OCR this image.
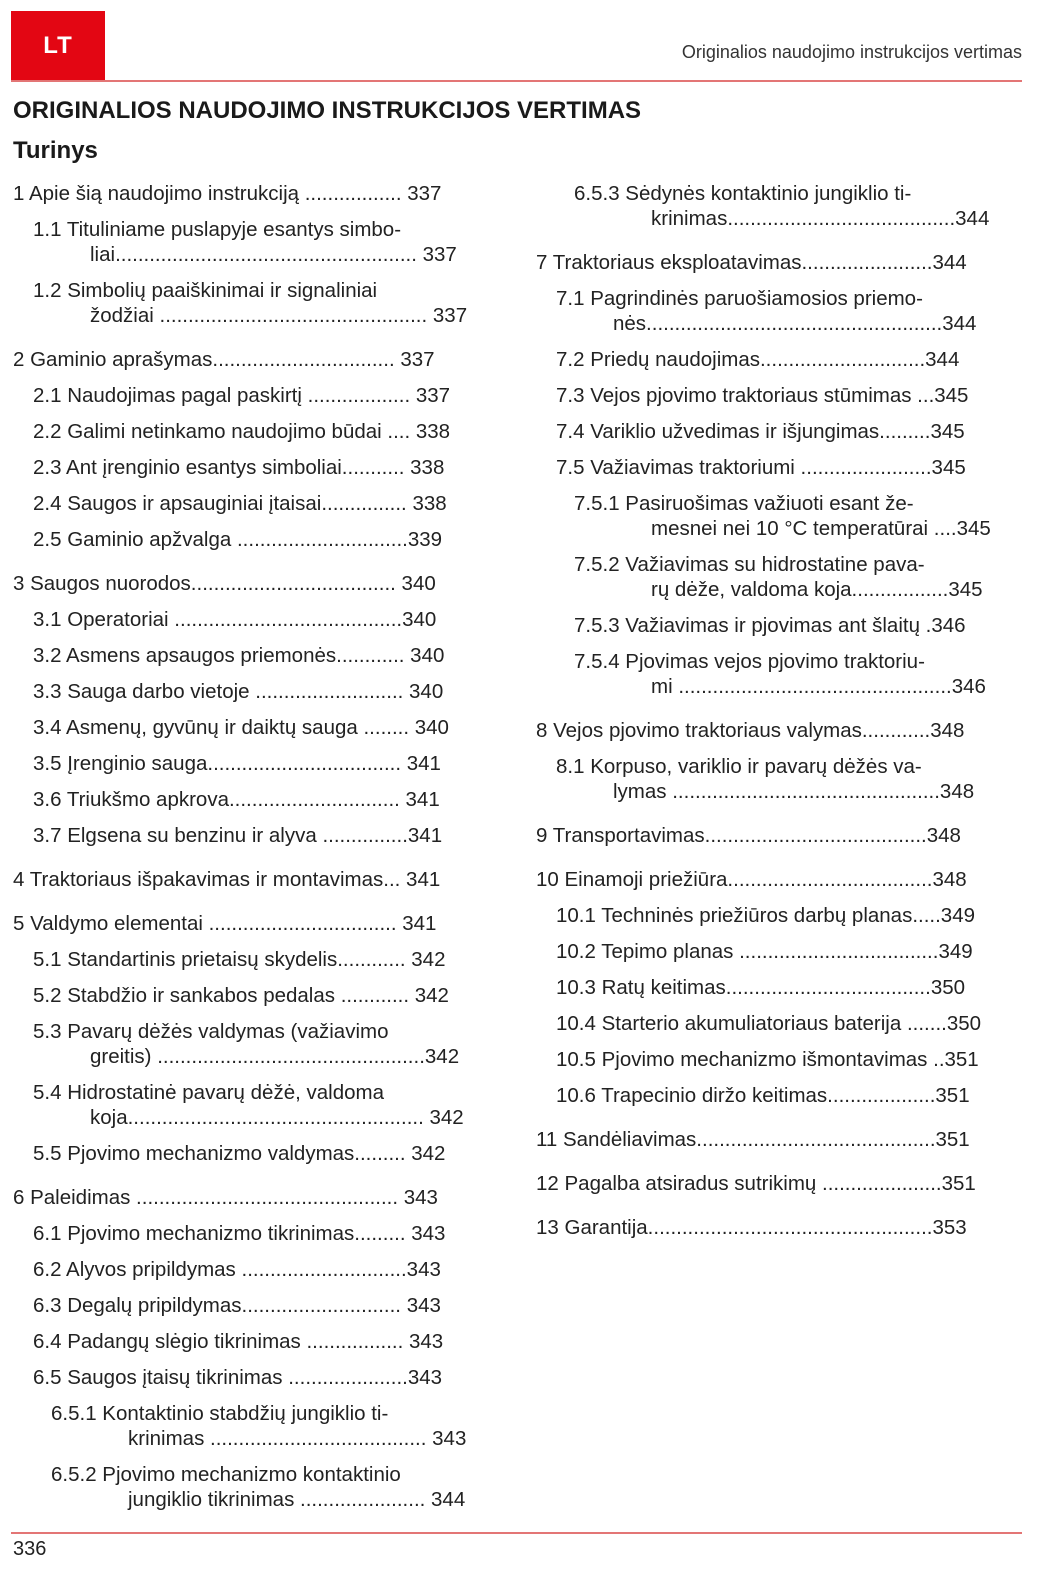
LT	Originalios naudojimo instrukcijos vertimas
ORIGINALIOS NAUDOJIMO INSTRUKCIJOS VERTIMAS
Turinys
1 Apie šią naudojimo instrukciją ................. 337
1.1 Tituliniame puslapyje esantys simbo-
liai..................................................... 337
1.2 Simbolių paaiškinimai ir signaliniai
žodžiai ............................................... 337
2 Gaminio aprašymas................................ 337
2.1 Naudojimas pagal paskirtį .................. 337
2.2 Galimi netinkamo naudojimo būdai .... 338
2.3 Ant įrenginio esantys simboliai........... 338
2.4 Saugos ir apsauginiai įtaisai............... 338
2.5 Gaminio apžvalga ..............................339
3 Saugos nuorodos.................................... 340
3.1 Operatoriai ........................................340
3.2 Asmens apsaugos priemonės............ 340
3.3 Sauga darbo vietoje .......................... 340
3.4 Asmenų, gyvūnų ir daiktų sauga ........ 340
3.5 Įrenginio sauga.................................. 341
3.6 Triukšmo apkrova.............................. 341
3.7 Elgsena su benzinu ir alyva ...............341
4 Traktoriaus išpakavimas ir montavimas... 341
5 Valdymo elementai ................................. 341
5.1 Standartinis prietaisų skydelis............ 342
5.2 Stabdžio ir sankabos pedalas ............ 342
5.3 Pavarų dėžės valdymas (važiavimo
greitis) ...............................................342
5.4 Hidrostatinė pavarų dėžė, valdoma
koja.................................................... 342
5.5 Pjovimo mechanizmo valdymas......... 342
6 Paleidimas .............................................. 343
6.1 Pjovimo mechanizmo tikrinimas......... 343
6.2 Alyvos pripildymas .............................343
6.3 Degalų pripildymas............................ 343
6.4 Padangų slėgio tikrinimas ................. 343
6.5 Saugos įtaisų tikrinimas .....................343
6.5.1 Kontaktinio stabdžių jungiklio ti-
krinimas ...................................... 343
6.5.2 Pjovimo mechanizmo kontaktinio
jungiklio tikrinimas ...................... 344
6.5.3 Sėdynės kontaktinio jungiklio ti-
krinimas........................................344
7 Traktoriaus eksploatavimas.......................344
7.1 Pagrindinės paruošiamosios priemo-
nės....................................................344
7.2 Priedų naudojimas.............................344
7.3 Vejos pjovimo traktoriaus stūmimas ...345
7.4 Variklio užvedimas ir išjungimas.........345
7.5 Važiavimas traktoriumi .......................345
7.5.1 Pasiruošimas važiuoti esant že-
mesnei nei 10 °C temperatūrai ....345
7.5.2 Važiavimas su hidrostatine pava-
rų dėže, valdoma koja.................345
7.5.3 Važiavimas ir pjovimas ant šlaitų .346
7.5.4 Pjovimas vejos pjovimo traktoriu-
mi ................................................346
8 Vejos pjovimo traktoriaus valymas............348
8.1 Korpuso, variklio ir pavarų dėžės va-
lymas ...............................................348
9 Transportavimas.......................................348
10 Einamoji priežiūra....................................348
10.1 Techninės priežiūros darbų planas.....349
10.2 Tepimo planas ...................................349
10.3 Ratų keitimas....................................350
10.4 Starterio akumuliatoriaus baterija .......350
10.5 Pjovimo mechanizmo išmontavimas ..351
10.6 Trapecinio diržo keitimas...................351
11 Sandėliavimas..........................................351
12 Pagalba atsiradus sutrikimų .....................351
13 Garantija..................................................353
336
